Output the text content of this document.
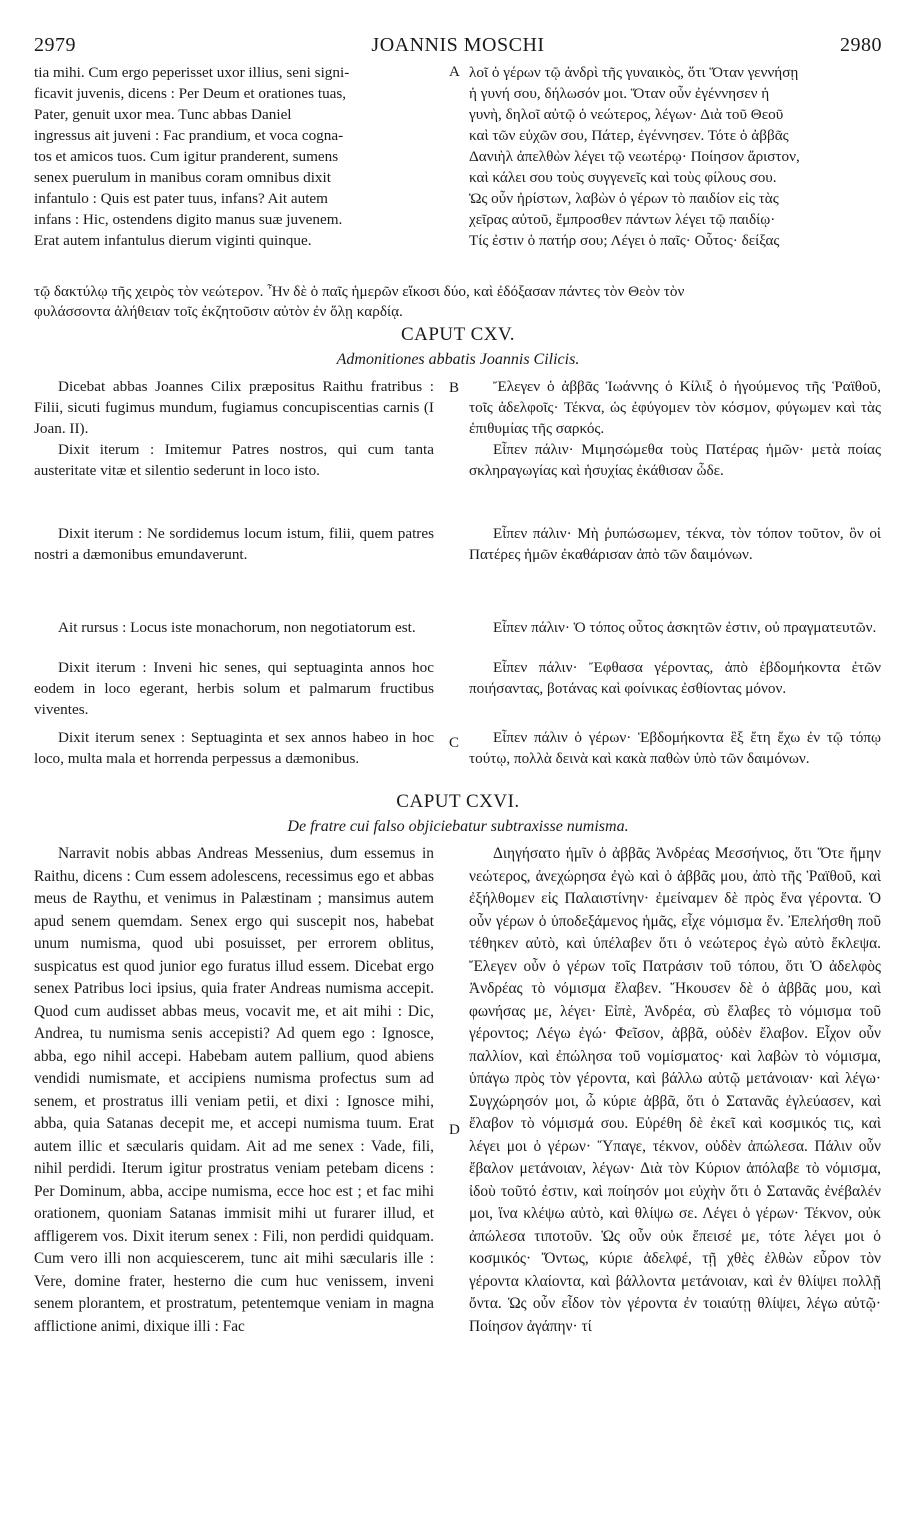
2979	JOANNIS MOSCHI	2980

tia mihi. Cum ergo peperisset uxor illius, seni signi-

ficavit juvenis, dicens : Per Deum et orationes tuas,

Pater, genuit uxor mea. Tunc abbas Daniel

ingressus ait juveni : Fac prandium, et voca cogna-

tos et amicos tuos. Cum igitur pranderent, sumens

senex puerulum in manibus coram omnibus dixit

infantulo : Quis est pater tuus, infans? Ait autem

infans : Hic, ostendens digito manus suæ juvenem.

Erat autem infantulus dierum viginti quinque.

A λοῖ ὁ γέρων τῷ ἀνδρὶ τῆς γυναικὸς, ὅτι Ὅταν γεννήσῃ

ἡ γυνή σου, δήλωσόν μοι. Ὅταν οὖν ἐγέννησεν ἡ

γυνὴ, δηλοῖ αὐτῷ ὁ νεώτερος, λέγων· Διὰ τοῦ Θεοῦ

καὶ τῶν εὐχῶν σου, Πάτερ, ἐγέννησεν. Τότε ὁ ἀββᾶς

Δανιὴλ ἀπελθὼν λέγει τῷ νεωτέρῳ· Ποίησον ἄριστον,

καὶ κάλει σου τοὺς συγγενεῖς καὶ τοὺς φίλους σου.

Ὡς οὖν ἠρίστων, λαβὼν ὁ γέρων τὸ παιδίον εἰς τὰς

χεῖρας αὐτοῦ, ἔμπροσθεν πάντων λέγει τῷ παιδίῳ·

Τίς ἐστιν ὁ πατήρ σου; Λέγει ὁ παῖς· Οὗτος· δείξας

τῷ δακτύλῳ τῆς χειρὸς τὸν νεώτερον. Ἦν δὲ ὁ παῖς ἡμερῶν εἴκοσι δύο, καὶ ἐδόξασαν πάντες τὸν Θεὸν τὸν
φυλάσσοντα ἀλήθειαν τοῖς ἐκζητοῦσιν αὐτὸν ἐν ὅλῃ καρδίᾳ.
CAPUT CXV.
Admonitiones abbatis Joannis Cilicis.

Dicebat abbas Joannes Cilix præpositus Raithu fratribus : Filii, sicuti fugimus mundum, fugiamus concupiscentias carnis (I Joan. II).

Dixit iterum : Imitemur Patres nostros, qui cum tanta austeritate vitæ et silentio sederunt in loco isto.

Dixit iterum : Ne sordidemus locum istum, filii, quem patres nostri a dæmonibus emundaverunt.

Ait rursus : Locus iste monachorum, non negotiatorum est.

Dixit iterum : Inveni hic senes, qui septuaginta annos hoc eodem in loco egerant, herbis solum et palmarum fructibus viventes.

Dixit iterum senex : Septuaginta et sex annos habeo in hoc loco, multa mala et horrenda perpessus a dæmonibus.

B
C

Ἔλεγεν ὁ ἀββᾶς Ἰωάννης ὁ Κίλιξ ὁ ἡγούμενος τῆς Ῥαϊθοῦ, τοῖς ἀδελφοῖς· Τέκνα, ὡς ἐφύγομεν τὸν κόσμον, φύγωμεν καὶ τὰς ἐπιθυμίας τῆς σαρκός.

Εἶπεν πάλιν· Μιμησώμεθα τοὺς Πατέρας ἡμῶν· μετὰ ποίας σκληραγωγίας καὶ ἡσυχίας ἐκάθισαν ὧδε.

Εἶπεν πάλιν· Μὴ ῥυπώσωμεν, τέκνα, τὸν τόπον τοῦτον, ὃν οἱ Πατέρες ἡμῶν ἐκαθάρισαν ἀπὸ τῶν δαιμόνων.

Εἶπεν πάλιν· Ὁ τόπος οὗτος ἀσκητῶν ἐστιν, οὐ πραγματευτῶν.

Εἶπεν πάλιν· Ἔφθασα γέροντας, ἀπὸ ἑβδομήκοντα ἐτῶν ποιήσαντας, βοτάνας καὶ φοίνικας ἐσθίοντας μόνον.

Εἶπεν πάλιν ὁ γέρων· Ἑβδομήκοντα ἓξ ἔτη ἔχω ἐν τῷ τόπῳ τούτῳ, πολλὰ δεινὰ καὶ κακὰ παθὼν ὑπὸ τῶν δαιμόνων.

CAPUT CXVI.
De fratre cui falso objiciebatur subtraxisse numisma.

Narravit nobis abbas Andreas Messenius, dum essemus in Raithu, dicens : Cum essem adolescens, recessimus ego et abbas meus de Raythu, et venimus in Palæstinam ; mansimus autem apud senem quemdam. Senex ergo qui suscepit nos, habebat unum numisma, quod ubi posuisset, per errorem oblitus, suspicatus est quod junior ego furatus illud essem. Dicebat ergo senex Patribus loci ipsius, quia frater Andreas numisma accepit. Quod cum audisset abbas meus, vocavit me, et ait mihi : Dic, Andrea, tu numisma senis accepisti? Ad quem ego : Ignosce, abba, ego nihil accepi. Habebam autem pallium, quod abiens vendidi numismate, et accipiens numisma profectus sum ad senem, et prostratus illi veniam petii, et dixi : Ignosce mihi, abba, quia Satanas decepit me, et accepi numisma tuum. Erat autem illic et sæcularis quidam. Ait ad me senex : Vade, fili, nihil perdidi. Iterum igitur prostratus veniam petebam dicens : Per Dominum, abba, accipe numisma, ecce hoc est ; et fac mihi orationem, quoniam Satanas immisit mihi ut furarer illud, et affligerem vos. Dixit iterum senex : Fili, non perdidi quidquam. Cum vero illi non acquiescerem, tunc ait mihi sæcularis ille : Vere, domine frater, hesterno die cum huc venissem, inveni senem plorantem, et prostratum, petentemque veniam in magna afflictione animi, dixique illi : Fac

D

Διηγήσατο ἡμῖν ὁ ἀββᾶς Ἀνδρέας Μεσσήνιος, ὅτι Ὅτε ἤμην νεώτερος, ἀνεχώρησα ἐγὼ καὶ ὁ ἀββᾶς μου, ἀπὸ τῆς Ῥαϊθοῦ, καὶ ἐξήλθομεν εἰς Παλαιστίνην· ἐμείναμεν δὲ πρὸς ἕνα γέροντα. Ὁ οὖν γέρων ὁ ὑποδεξάμενος ἡμᾶς, εἶχε νόμισμα ἕν. Ἐπελήσθη ποῦ τέθηκεν αὐτὸ, καὶ ὑπέλαβεν ὅτι ὁ νεώτερος ἐγὼ αὐτὸ ἔκλεψα. Ἔλεγεν οὖν ὁ γέρων τοῖς Πατράσιν τοῦ τόπου, ὅτι Ὁ ἀδελφὸς Ἀνδρέας τὸ νόμισμα ἔλαβεν. Ἤκουσεν δὲ ὁ ἀββᾶς μου, καὶ φωνήσας με, λέγει· Εἰπὲ, Ἀνδρέα, σὺ ἔλαβες τὸ νόμισμα τοῦ γέροντος; Λέγω ἐγώ· Φεῖσον, ἀββᾶ, οὐδὲν ἔλαβον. Εἶχον οὖν παλλίον, καὶ ἐπώλησα τοῦ νομίσματος· καὶ λαβὼν τὸ νόμισμα, ὑπάγω πρὸς τὸν γέροντα, καὶ βάλλω αὐτῷ μετάνοιαν· καὶ λέγω· Συγχώρησόν μοι, ὦ κύριε ἀββᾶ, ὅτι ὁ Σατανᾶς ἐγλεύασεν, καὶ ἔλαβον τὸ νόμισμά σου. Εὑρέθη δὲ ἐκεῖ καὶ κοσμικός τις, καὶ λέγει μοι ὁ γέρων· Ὕπαγε, τέκνον, οὐδὲν ἀπώλεσα. Πάλιν οὖν ἔβαλον μετάνοιαν, λέγων· Διὰ τὸν Κύριον ἀπόλαβε τὸ νόμισμα, ἰδοὺ τοῦτό ἐστιν, καὶ ποίησόν μοι εὐχὴν ὅτι ὁ Σατανᾶς ἐνέβαλέν μοι, ἵνα κλέψω αὐτὸ, καὶ θλίψω σε. Λέγει ὁ γέρων· Τέκνον, οὐκ ἀπώλεσα τιποτοῦν. Ὡς οὖν οὐκ ἔπεισέ με, τότε λέγει μοι ὁ κοσμικός· Ὄντως, κύριε ἀδελφέ, τῇ χθὲς ἐλθὼν εὗρον τὸν γέροντα κλαίοντα, καὶ βάλλοντα μετάνοιαν, καὶ ἐν θλίψει πολλῇ ὄντα. Ὡς οὖν εἶδον τὸν γέροντα ἐν τοιαύτῃ θλίψει, λέγω αὐτῷ· Ποίησον ἀγάπην· τί
